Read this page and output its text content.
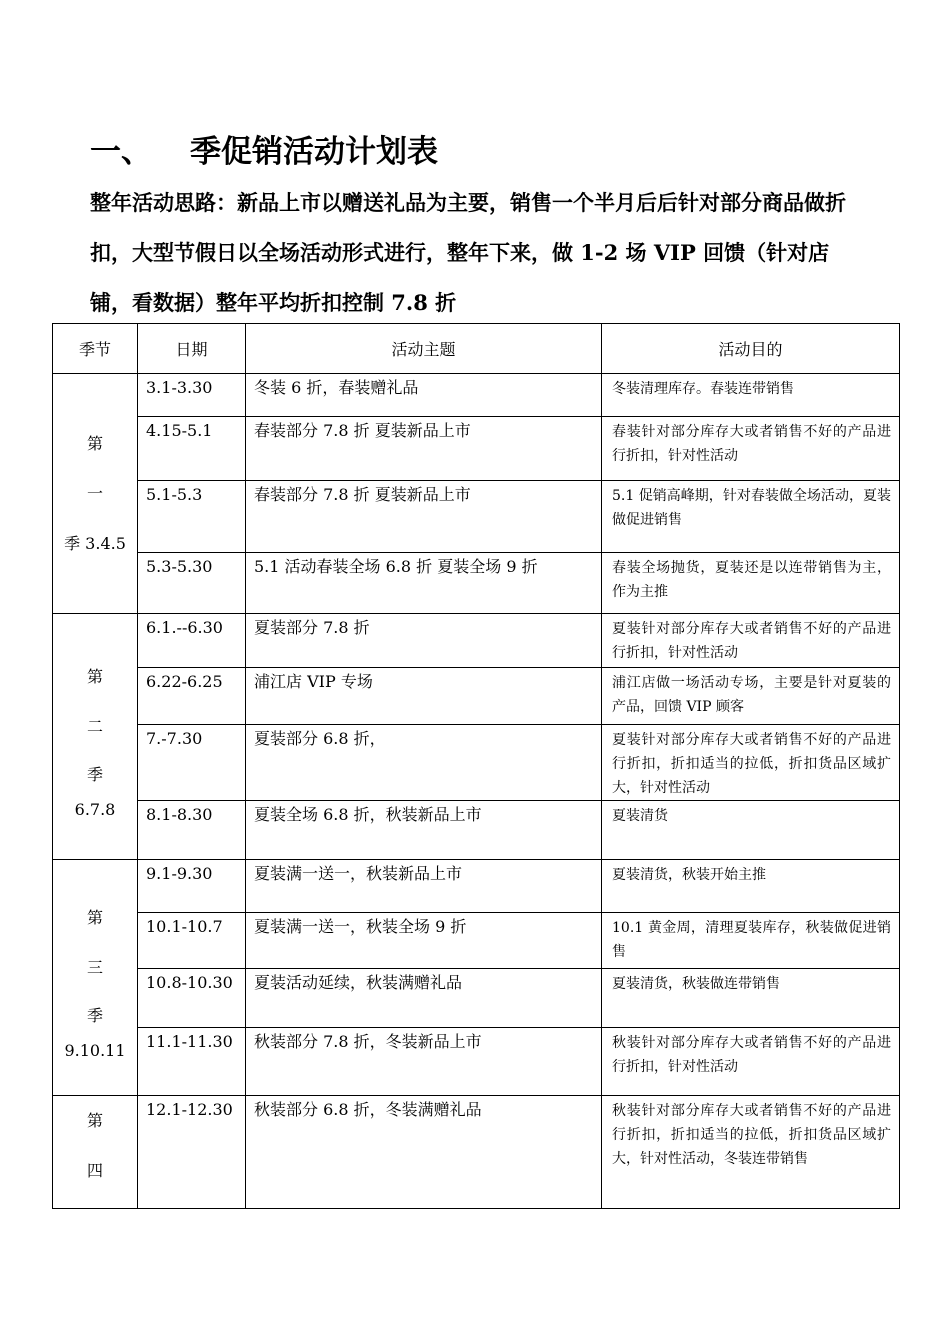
一、 季促销活动计划表
整年活动思路：新品上市以赠送礼品为主要，销售一个半月后后针对部分商品做折扣，大型节假日以全场活动形式进行，整年下来，做 1-2 场 VIP 回馈（针对店铺，看数据）整年平均折扣控制 7.8 折
季节	日期	活动主题	活动目的

第
一
季 3.4.5	3.1-3.30	冬装 6 折，春装赠礼品	冬装清理库存。春装连带销售
	4.15-5.1	春装部分 7.8 折 夏装新品上市	春装针对部分库存大或者销售不好的产品进行折扣，针对性活动
	5.1-5.3	春装部分 7.8 折 夏装新品上市	5.1 促销高峰期，针对春装做全场活动，夏装做促进销售
	5.3-5.30	5.1 活动春装全场 6.8 折 夏装全场 9 折	春装全场抛货，夏装还是以连带销售为主，作为主推

第
二
季
6.7.8	6.1.--6.30	夏装部分 7.8 折	夏装针对部分库存大或者销售不好的产品进行折扣，针对性活动
	6.22-6.25	浦江店 VIP 专场	浦江店做一场活动专场，主要是针对夏装的产品，回馈 VIP 顾客
	7.-7.30	夏装部分 6.8 折，	夏装针对部分库存大或者销售不好的产品进行折扣，折扣适当的拉低，折扣货品区域扩大，针对性活动
	8.1-8.30	夏装全场 6.8 折，秋装新品上市	夏装清货

第
三
季
9.10.11	9.1-9.30	夏装满一送一，秋装新品上市	夏装清货，秋装开始主推
	10.1-10.7	夏装满一送一，秋装全场 9 折	10.1 黄金周，清理夏装库存，秋装做促进销售
	10.8-10.30	夏装活动延续，秋装满赠礼品	夏装清货，秋装做连带销售
	11.1-11.30	秋装部分 7.8 折，冬装新品上市	秋装针对部分库存大或者销售不好的产品进行折扣，针对性活动

第
四	12.1-12.30	秋装部分 6.8 折，冬装满赠礼品	秋装针对部分库存大或者销售不好的产品进行折扣，折扣适当的拉低，折扣货品区域扩大，针对性活动，冬装连带销售
